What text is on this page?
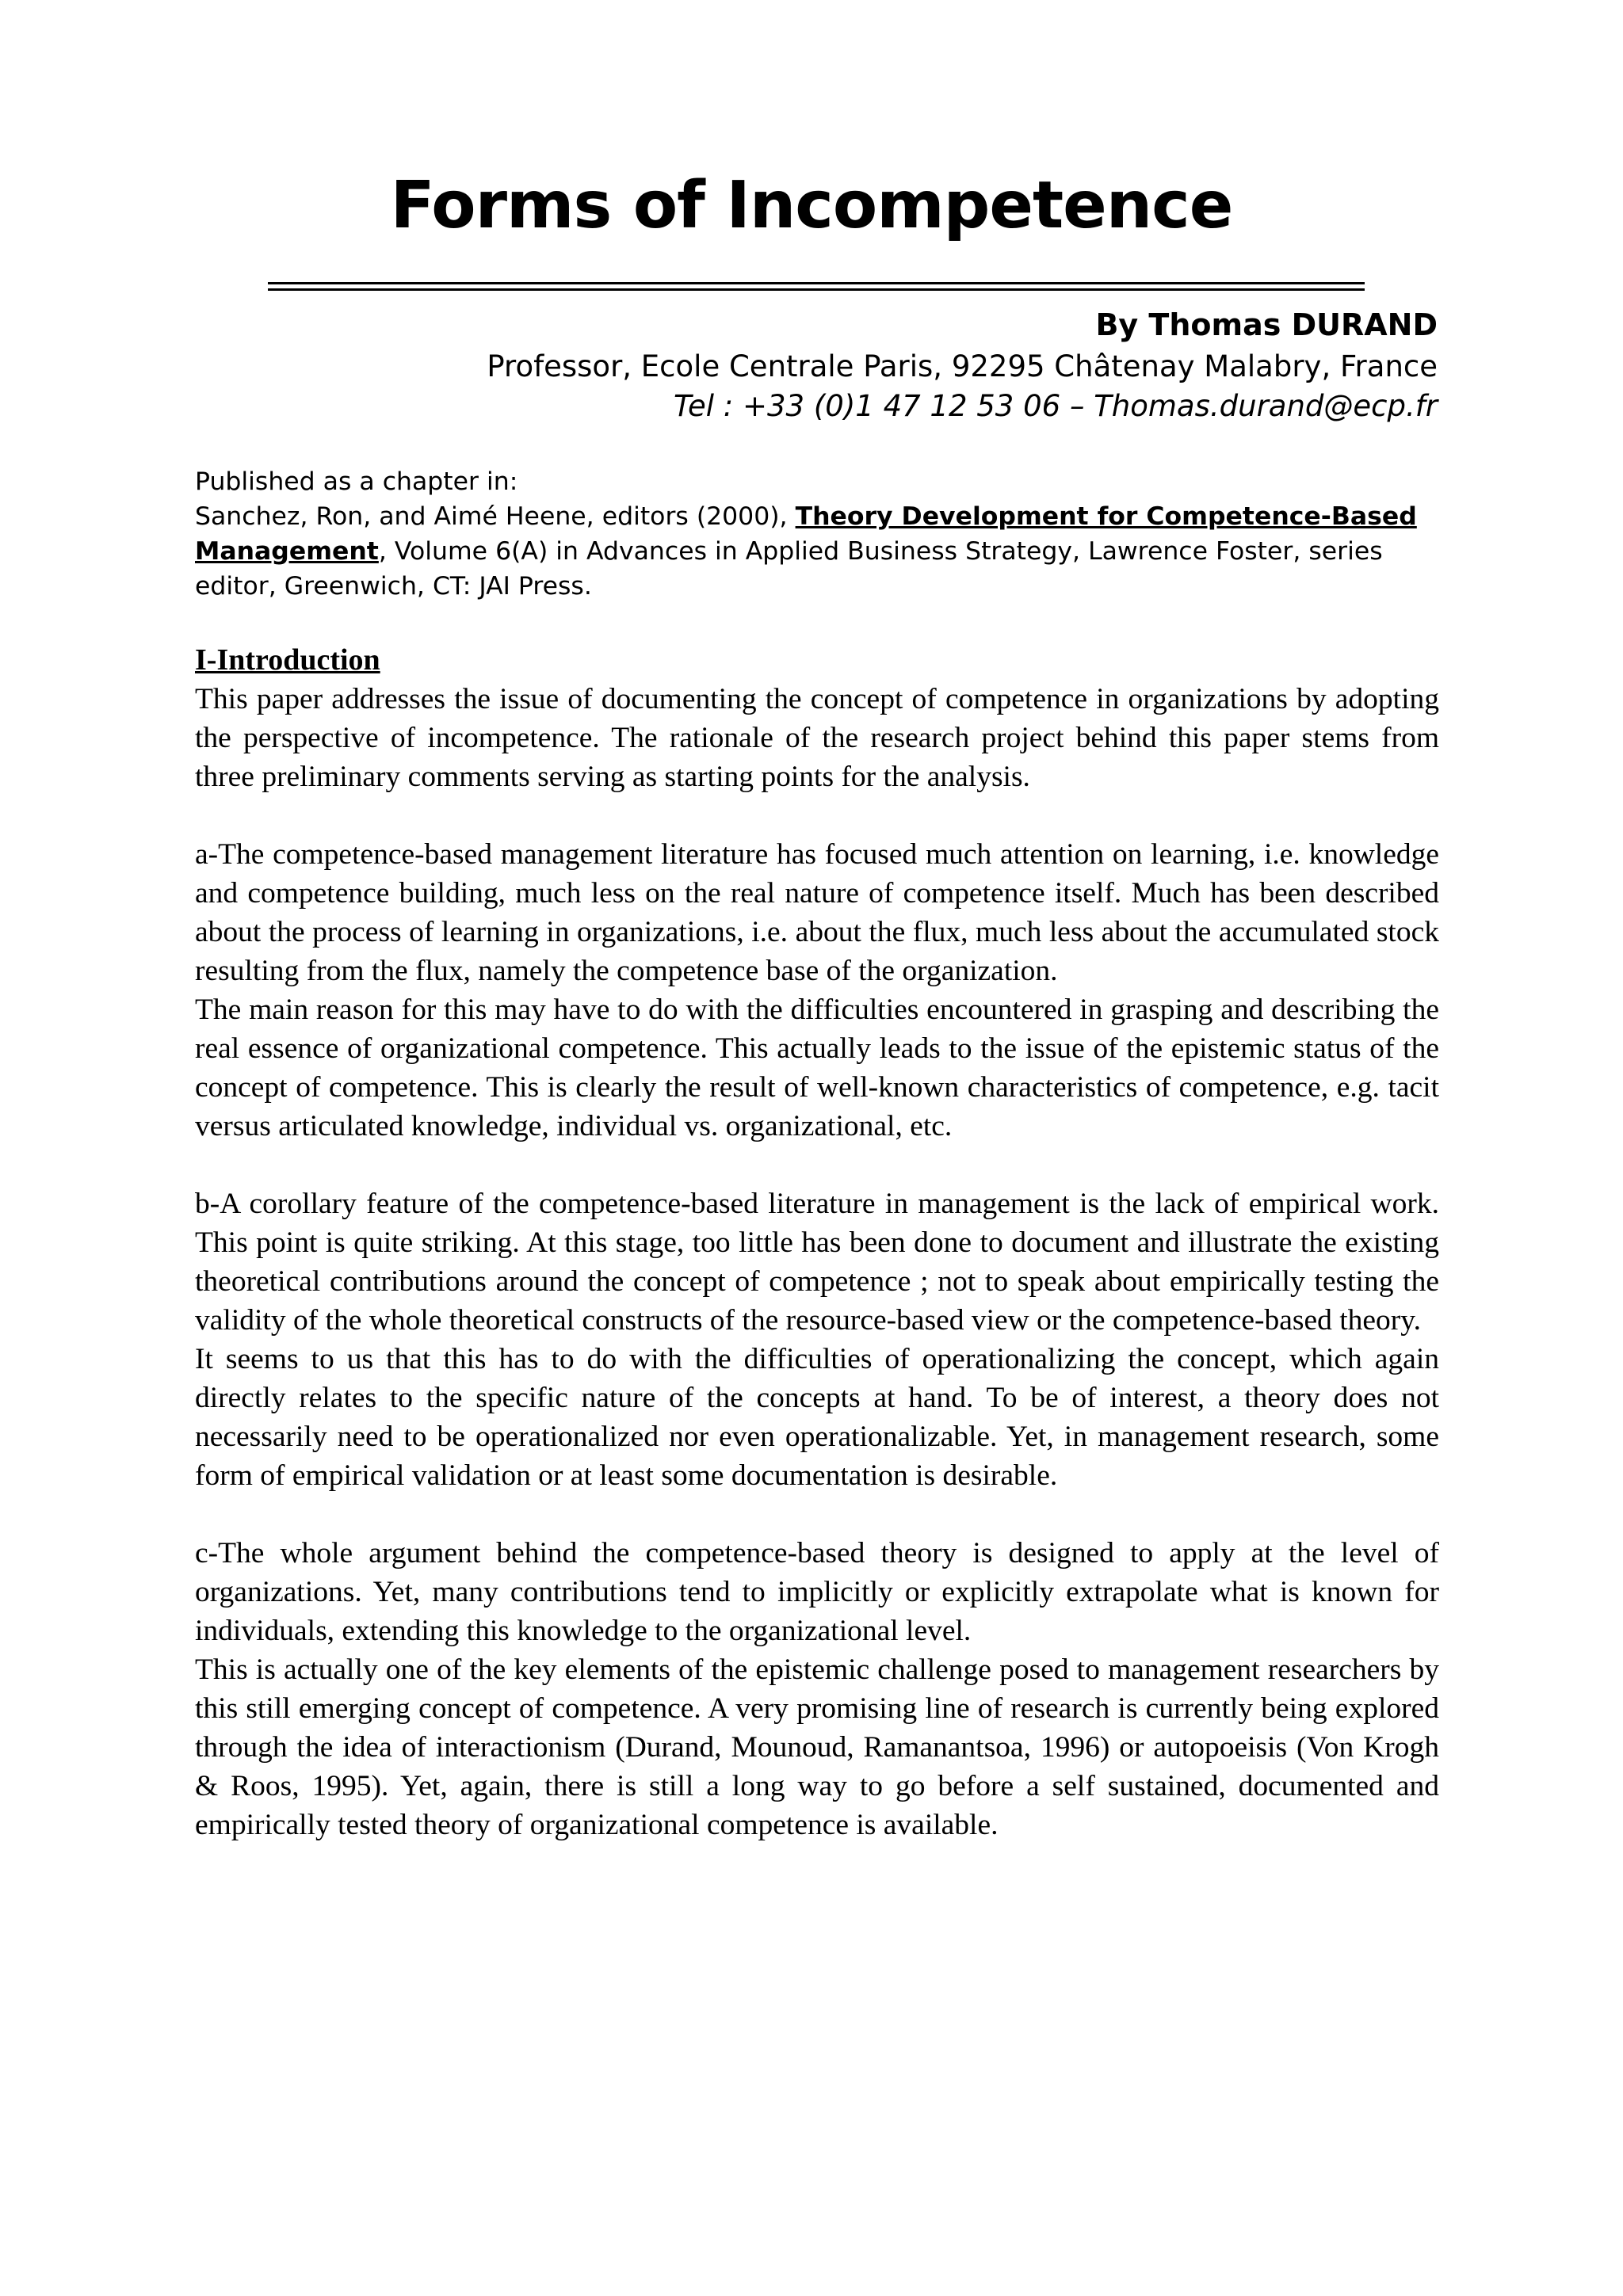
Forms of Incompetence
By Thomas DURAND
Professor, Ecole Centrale Paris, 92295 Châtenay Malabry, France
Tel : +33 (0)1 47 12 53 06 – Thomas.durand@ecp.fr

Published as a chapter in:

Sanchez, Ron, and Aimé Heene, editors (2000), Theory Development for Competence-Based Management, Volume 6(A) in Advances in Applied Business Strategy, Lawrence Foster, series editor, Greenwich, CT: JAI Press.

I-Introduction

This paper addresses the issue of documenting the concept of competence in organizations by adopting the perspective of incompetence. The rationale of the research project behind this paper stems from three preliminary comments serving as starting points for the analysis.

a-The competence-based management literature has focused much attention on learning, i.e. knowledge and competence building, much less on the real nature of competence itself. Much has been described about the process of learning in organizations, i.e. about the flux, much less about the accumulated stock resulting from the flux, namely the competence base of the organization.

The main reason for this may have to do with the difficulties encountered in grasping and describing the real essence of organizational competence. This actually leads to the issue of the epistemic status of the concept of competence. This is clearly the result of well-known characteristics of competence, e.g. tacit versus articulated knowledge, individual vs. organizational, etc.

b-A corollary feature of the competence-based literature in management is the lack of empirical work. This point is quite striking. At this stage, too little has been done to document and illustrate the existing theoretical contributions around the concept of competence ; not to speak about empirically testing the validity of the whole theoretical constructs of the resource-based view or the competence-based theory.

It seems to us that this has to do with the difficulties of operationalizing the concept, which again directly relates to the specific nature of the concepts at hand. To be of interest, a theory does not necessarily need to be operationalized nor even operationalizable. Yet, in management research, some form of empirical validation or at least some documentation is desirable.

c-The whole argument behind the competence-based theory is designed to apply at the level of organizations. Yet, many contributions tend to implicitly or explicitly extrapolate what is known for individuals, extending this knowledge to the organizational level.

This is actually one of the key elements of the epistemic challenge posed to management researchers by this still emerging concept of competence. A very promising line of research is currently being explored through the idea of interactionism (Durand, Mounoud, Ramanantsoa, 1996) or autopoeisis (Von Krogh & Roos, 1995). Yet, again, there is still a long way to go before a self sustained, documented and empirically tested theory of organizational competence is available.
